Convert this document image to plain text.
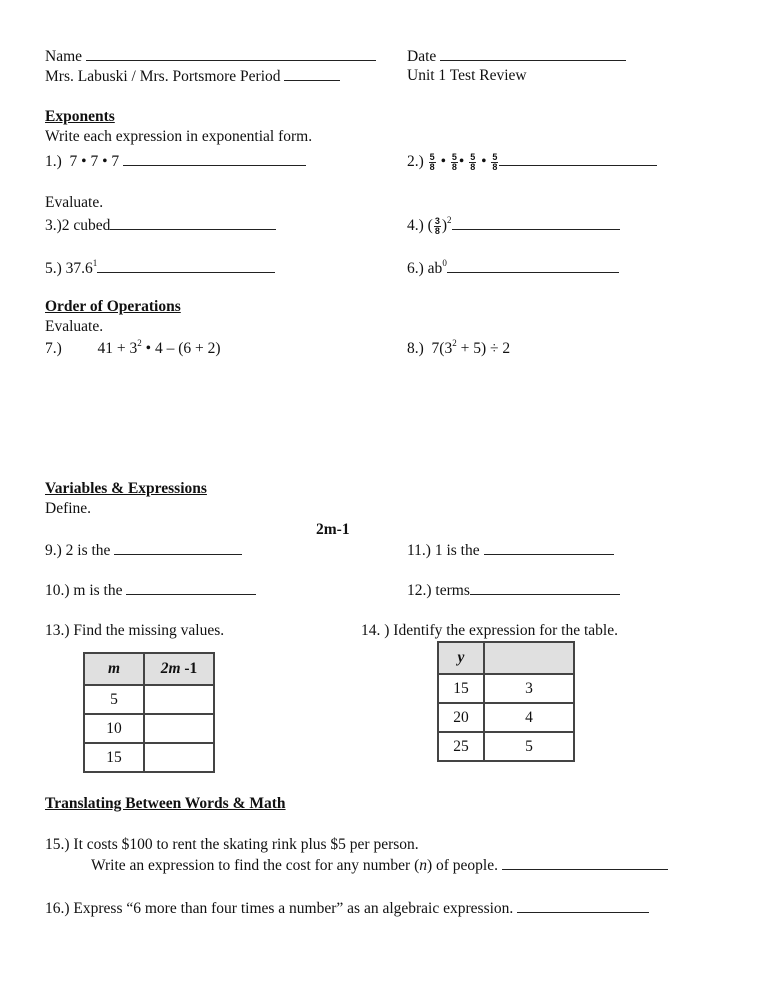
Name
Mrs. Labuski / Mrs. Portsmore Period
Date
Unit 1 Test Review
Exponents
Write each expression in exponential form.
1.) 7 • 7 • 7	$2.) \frac{5}{8}$ • $\frac{5}{8}$ • $\frac{5}{8}$ • $\frac{5}{8}$
Evaluate.
3.)2 cubed	4.) ( $\frac{3}{8} )^2$
5.) 37.6$^1$	6.) $ab^0$
Order of Operations
Evaluate.
7.) $41 + 3^2$ • 4 – (6 + 2)	8.) $7(3^2 + 5) \div 2$
Variables & Expressions
Define.
2m-1
9.) 2 is the	11.) 1 is the
10.) m is the	12.) terms
13.) Find the missing values.	14. ) Identify the expression for the table.
m	2m -1
5	
10	
15	
y	
15	3
20	4
25	5
Translating Between Words & Math
15.) It costs $100 to rent the skating rink plus $5 per person.
Write an expression to find the cost for any number (n) of people.
16.) Express “6 more than four times a number” as an algebraic expression.
